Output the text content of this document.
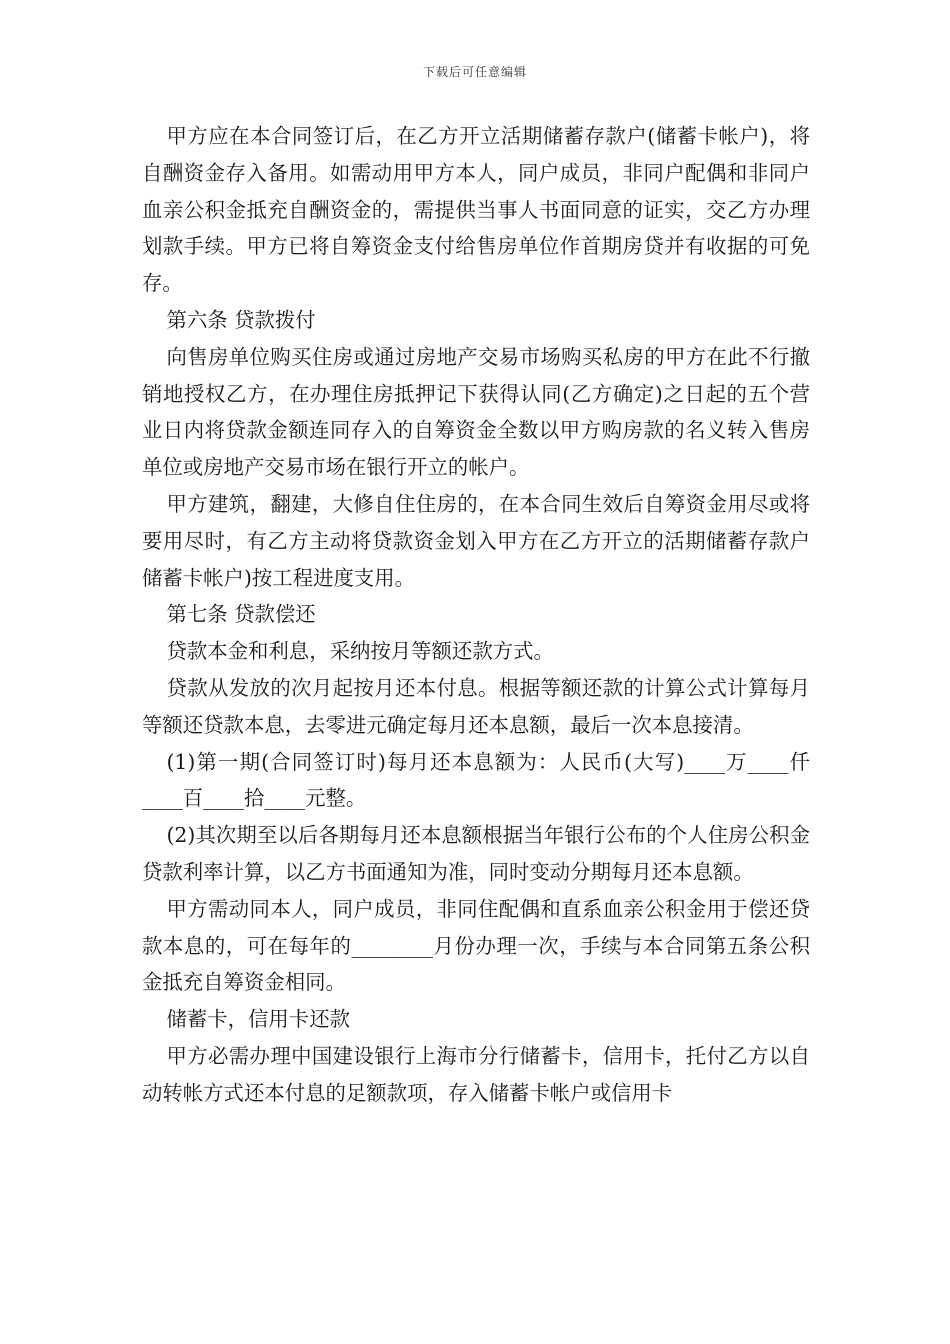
下载后可任意编辑

甲方应在本合同签订后，在乙方开立活期储蓄存款户(储蓄卡帐户)，将自酬资金存入备用。如需动用甲方本人，同户成员，非同户配偶和非同户血亲公积金抵充自酬资金的，需提供当事人书面同意的证实，交乙方办理划款手续。甲方已将自筹资金支付给售房单位作首期房贷并有收据的可免存。

第六条 贷款拨付

向售房单位购买住房或通过房地产交易市场购买私房的甲方在此不行撤销地授权乙方，在办理住房抵押记下获得认同(乙方确定)之日起的五个营业日内将贷款金额连同存入的自筹资金全数以甲方购房款的名义转入售房单位或房地产交易市场在银行开立的帐户。

甲方建筑，翻建，大修自住住房的，在本合同生效后自筹资金用尽或将要用尽时，有乙方主动将贷款资金划入甲方在乙方开立的活期储蓄存款户储蓄卡帐户)按工程进度支用。

第七条 贷款偿还

贷款本金和利息，采纳按月等额还款方式。

贷款从发放的次月起按月还本付息。根据等额还款的计算公式计算每月等额还贷款本息，去零进元确定每月还本息额，最后一次本息接清。

(1)第一期(合同签订时)每月还本息额为：人民币(大写)____万____仟____百____拾____元整。

(2)其次期至以后各期每月还本息额根据当年银行公布的个人住房公积金贷款利率计算，以乙方书面通知为准，同时变动分期每月还本息额。

甲方需动同本人，同户成员，非同住配偶和直系血亲公积金用于偿还贷款本息的，可在每年的________月份办理一次，手续与本合同第五条公积金抵充自筹资金相同。

储蓄卡，信用卡还款

甲方必需办理中国建设银行上海市分行储蓄卡，信用卡，托付乙方以自动转帐方式还本付息的足额款项，存入储蓄卡帐户或信用卡
